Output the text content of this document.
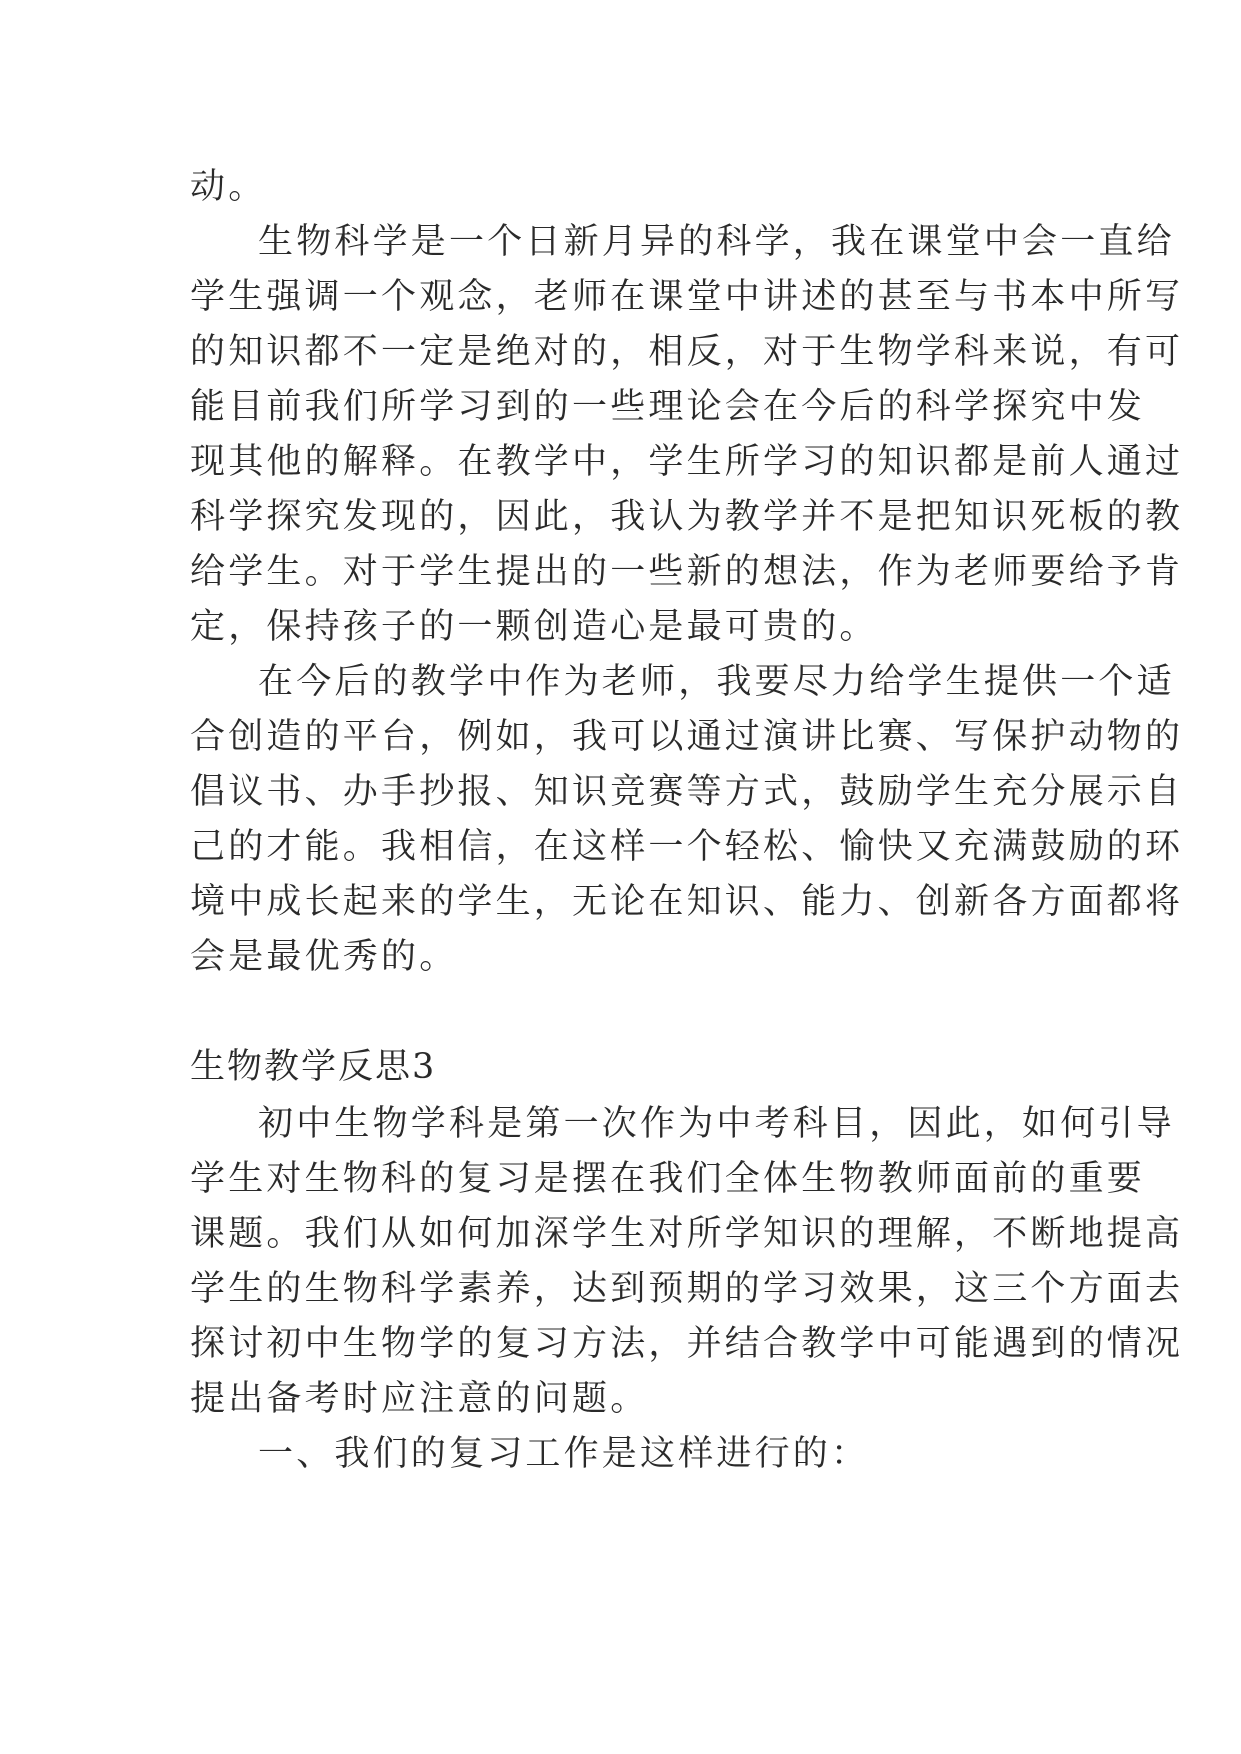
动。
生物科学是一个日新月异的科学，我在课堂中会一直给
学生强调一个观念，老师在课堂中讲述的甚至与书本中所写
的知识都不一定是绝对的，相反，对于生物学科来说，有可
能目前我们所学习到的一些理论会在今后的科学探究中发
现其他的解释。在教学中，学生所学习的知识都是前人通过
科学探究发现的，因此，我认为教学并不是把知识死板的教
给学生。对于学生提出的一些新的想法，作为老师要给予肯
定，保持孩子的一颗创造心是最可贵的。
在今后的教学中作为老师，我要尽力给学生提供一个适
合创造的平台，例如，我可以通过演讲比赛、写保护动物的
倡议书、办手抄报、知识竞赛等方式，鼓励学生充分展示自
己的才能。我相信，在这样一个轻松、愉快又充满鼓励的环
境中成长起来的学生，无论在知识、能力、创新各方面都将
会是最优秀的。
生物教学反思3
初中生物学科是第一次作为中考科目，因此，如何引导
学生对生物科的复习是摆在我们全体生物教师面前的重要
课题。我们从如何加深学生对所学知识的理解，不断地提高
学生的生物科学素养，达到预期的学习效果，这三个方面去
探讨初中生物学的复习方法，并结合教学中可能遇到的情况
提出备考时应注意的问题。
一、我们的复习工作是这样进行的：
